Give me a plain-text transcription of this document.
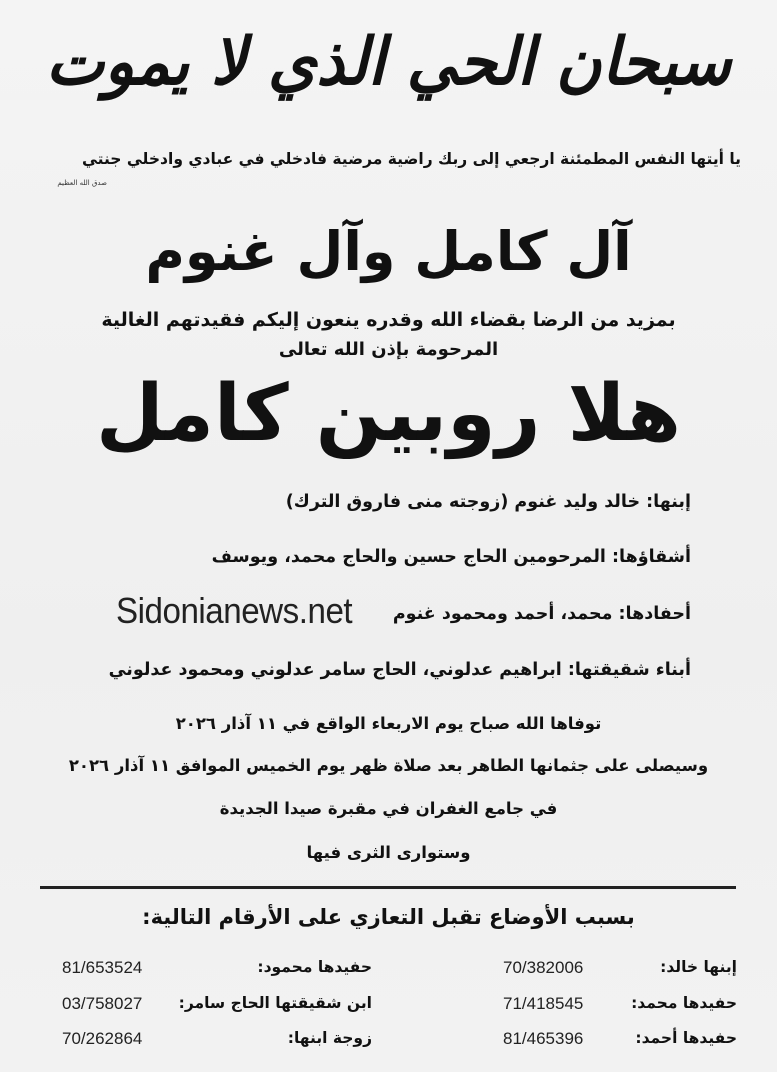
سبحان الحي الذي لا يموت
يا أيتها النفس المطمئنة ارجعي إلى ربك راضية مرضية فادخلي في عبادي وادخلي جنتي
صدق الله العظيم
آل كامل وآل غنوم
بمزيد من الرضا بقضاء الله وقدره ينعون إليكم فقيدتهم الغالية
المرحومة بإذن الله تعالى
هلا روبين كامل
إبنها: خالد وليد غنوم (زوجته منى فاروق الترك)
أشقاؤها: المرحومين الحاج حسين والحاج محمد، ويوسف
أحفادها: محمد، أحمد ومحمود غنوم
أبناء شقيقتها: ابراهيم عدلوني، الحاج سامر عدلوني ومحمود عدلوني
Sidonianews.net
توفاها الله صباح يوم الاربعاء الواقع في ١١ آذار ٢٠٢٦
وسيصلى على جثمانها الطاهر بعد صلاة ظهر يوم الخميس الموافق ١١ آذار ٢٠٢٦
في جامع الغفران في مقبرة صيدا الجديدة
وستوارى الثرى فيها
بسبب الأوضاع تقبل التعازي على الأرقام التالية:
إبنها خالد:
70/382006
حفيدها محمد:
71/418545
حفيدها أحمد:
81/465396
حفيدها محمود:
81/653524
ابن شقيقتها الحاج سامر:
03/758027
زوجة ابنها:
70/262864
